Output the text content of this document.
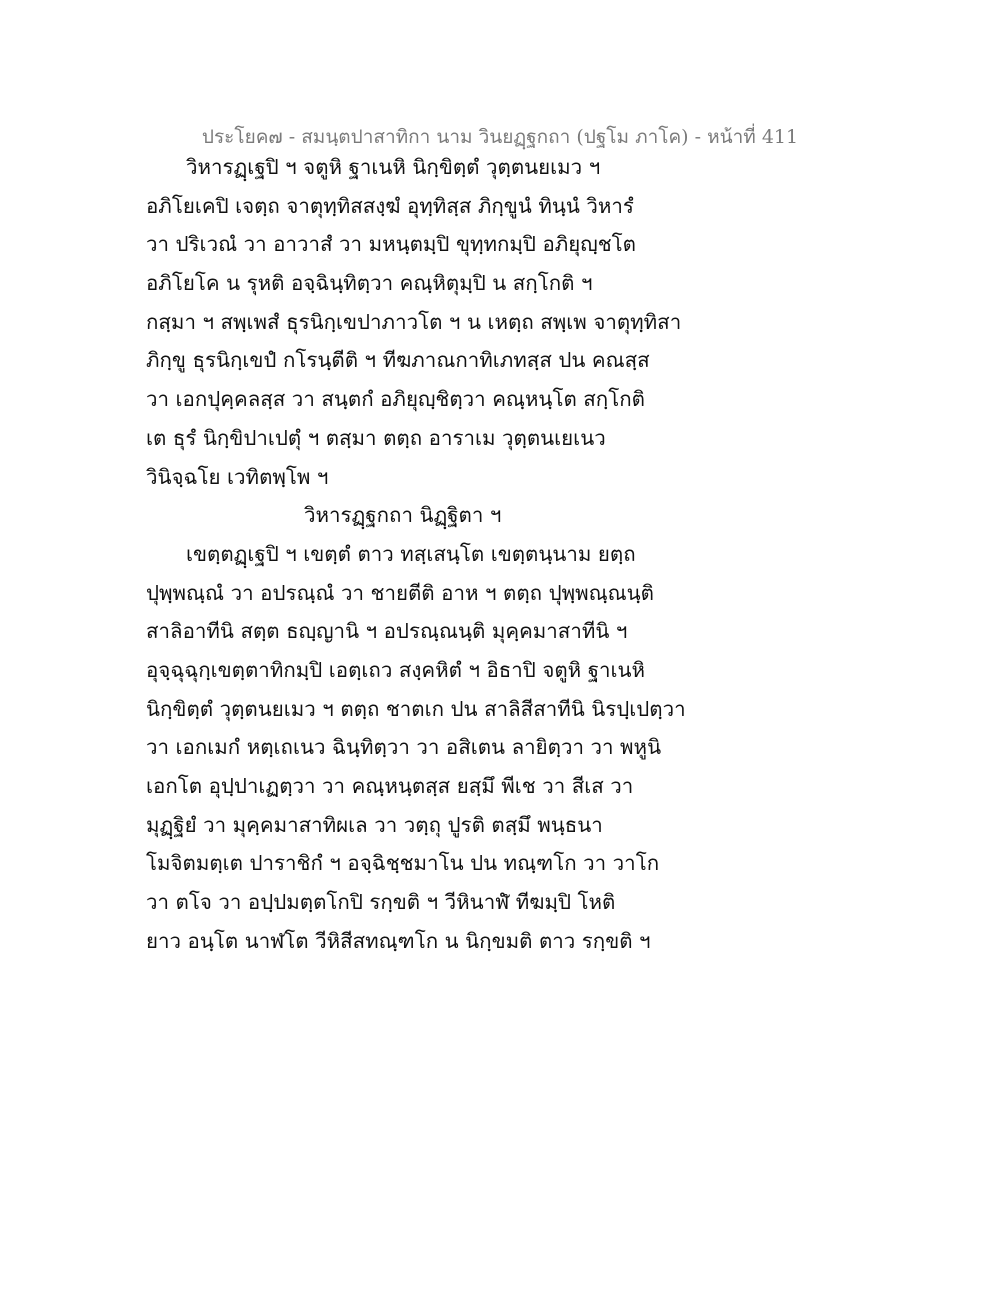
ประโยค๗ - สมนฺตปาสาทิกา นาม วินยฏฺฐกถา (ปฐโม ภาโค) - หน้าที่ 411
วิหารฏฺเฐปิ ฯ จตูหิ ฐาเนหิ นิกฺขิตฺตํ วุตฺตนยเมว ฯ
อภิโยเคปิ เจตฺถ จาตุทฺทิสสงฺฆํ อุทฺทิสฺส ภิกฺขูนํ ทินฺนํ วิหารํ
วา ปริเวณํ วา อาวาสํ วา มหนฺตมฺปิ ขุทฺทกมฺปิ อภิยุญฺชโต
อภิโยโค น รุหติ อจฺฉินฺทิตฺวา คณฺหิตุมฺปิ น สกฺโกติ ฯ
กสฺมา ฯ สพฺเพสํ ธุรนิกฺเขปาภาวโต ฯ น เหตฺถ สพฺเพ จาตุทฺทิสา
ภิกฺขู ธุรนิกฺเขปํ กโรนฺตีติ ฯ ทีฆภาณกาทิเภทสฺส ปน คณสฺส
วา เอกปุคฺคลสฺส วา สนฺตกํ อภิยุญฺชิตฺวา คณฺหนฺโต สกฺโกติ
เต ธุรํ นิกฺขิปาเปตุํ ฯ ตสฺมา ตตฺถ อาราเม วุตฺตนเยเนว
วินิจฺฉโย เวทิตพฺโพ ฯ
วิหารฏฺฐกถา นิฏฺฐิตา ฯ
เขตฺตฏฺเฐปิ ฯ เขตฺตํ ตาว ทสฺเสนฺโต เขตฺตนฺนาม ยตฺถ
ปุพฺพณฺณํ วา อปรณฺณํ วา ชายตีติ อาห ฯ ตตฺถ ปุพฺพณฺณนฺติ
สาลิอาทีนิ สตฺต ธญฺญานิ ฯ อปรณฺณนฺติ มุคฺคมาสาทีนิ ฯ
อุจฺฉุฉุกฺเขตฺตาทิกมฺปิ เอตฺเถว สงฺคหิตํ ฯ อิธาปิ จตูหิ ฐาเนหิ
นิกฺขิตฺตํ วุตฺตนยเมว ฯ ตตฺถ ชาตเก ปน สาลิสีสาทีนิ นิรปฺเปตฺวา
วา เอกเมกํ หตฺเถเนว ฉินฺทิตฺวา วา อสิเตน ลายิตฺวา วา พหูนิ
เอกโต อุปฺปาเฏตฺวา วา คณฺหนฺตสฺส ยสฺมึ พีเช วา สีเส วา
มุฏฺฐิยํ วา มุคฺคมาสาทิผเล วา วตฺถุ ปูรติ ตสฺมึ พนฺธนา
โมจิตมตฺเต ปาราชิกํ ฯ อจฺฉิชฺชมาโน ปน ทณฺฑโก วา วาโก
วา ตโจ วา อปฺปมตฺตโกปิ รกฺขติ ฯ วีหินาฬํ ทีฆมฺปิ โหติ
ยาว อนฺโต นาฬโต วีหิสีสทณฺฑโก น นิกฺขมติ ตาว รกฺขติ ฯ
